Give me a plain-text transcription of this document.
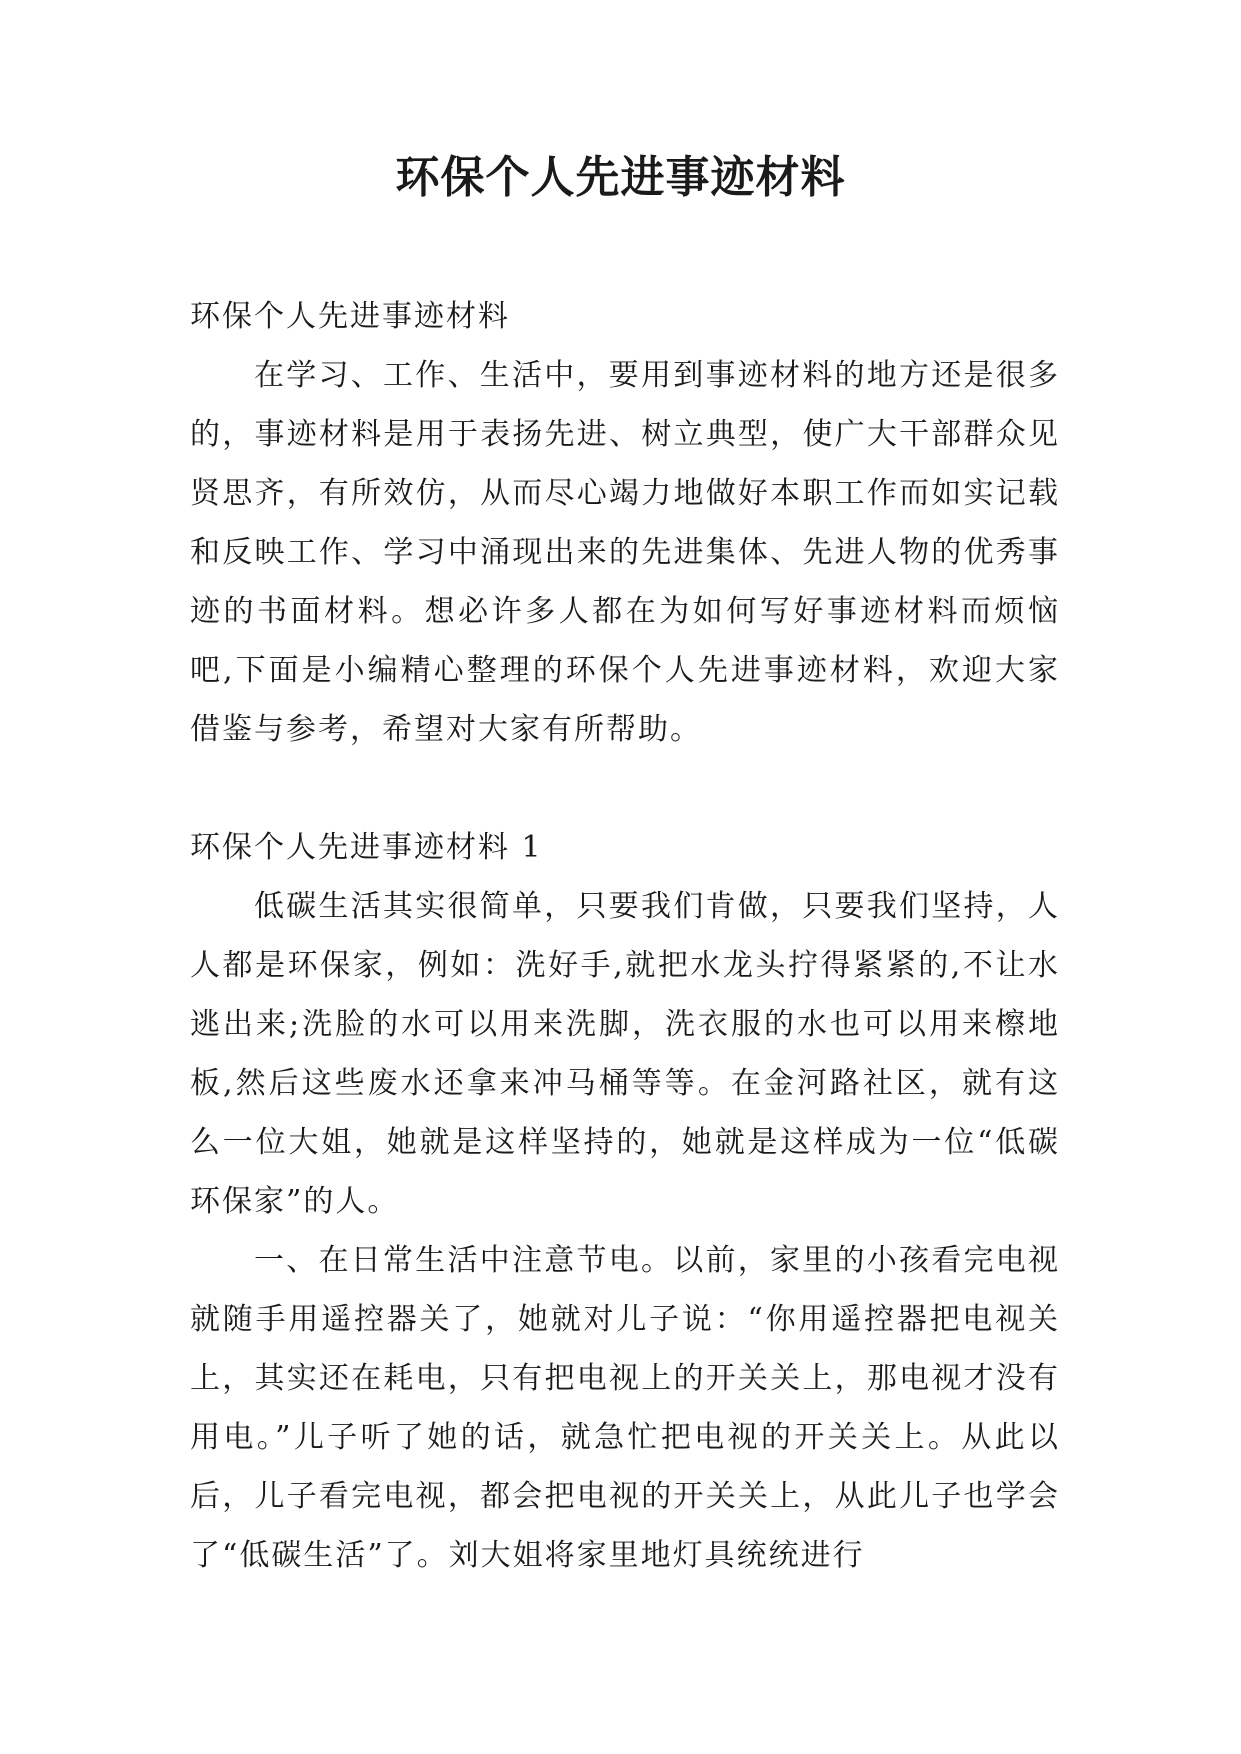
环保个人先进事迹材料

环保个人先进事迹材料

在学习、工作、生活中，要用到事迹材料的地方还是很多的，事迹材料是用于表扬先进、树立典型，使广大干部群众见贤思齐，有所效仿，从而尽心竭力地做好本职工作而如实记载和反映工作、学习中涌现出来的先进集体、先进人物的优秀事迹的书面材料。想必许多人都在为如何写好事迹材料而烦恼吧,下面是小编精心整理的环保个人先进事迹材料，欢迎大家借鉴与参考，希望对大家有所帮助。

环保个人先进事迹材料 1

低碳生活其实很简单，只要我们肯做，只要我们坚持，人人都是环保家，例如：洗好手,就把水龙头拧得紧紧的,不让水逃出来;洗脸的水可以用来洗脚，洗衣服的水也可以用来檫地板,然后这些废水还拿来冲马桶等等。在金河路社区，就有这么一位大姐，她就是这样坚持的，她就是这样成为一位“低碳环保家”的人。

一、在日常生活中注意节电。以前，家里的小孩看完电视就随手用遥控器关了，她就对儿子说：“你用遥控器把电视关上，其实还在耗电，只有把电视上的开关关上，那电视才没有用电。”儿子听了她的话，就急忙把电视的开关关上。从此以后，儿子看完电视，都会把电视的开关关上，从此儿子也学会了“低碳生活”了。刘大姐将家里地灯具统统进行
